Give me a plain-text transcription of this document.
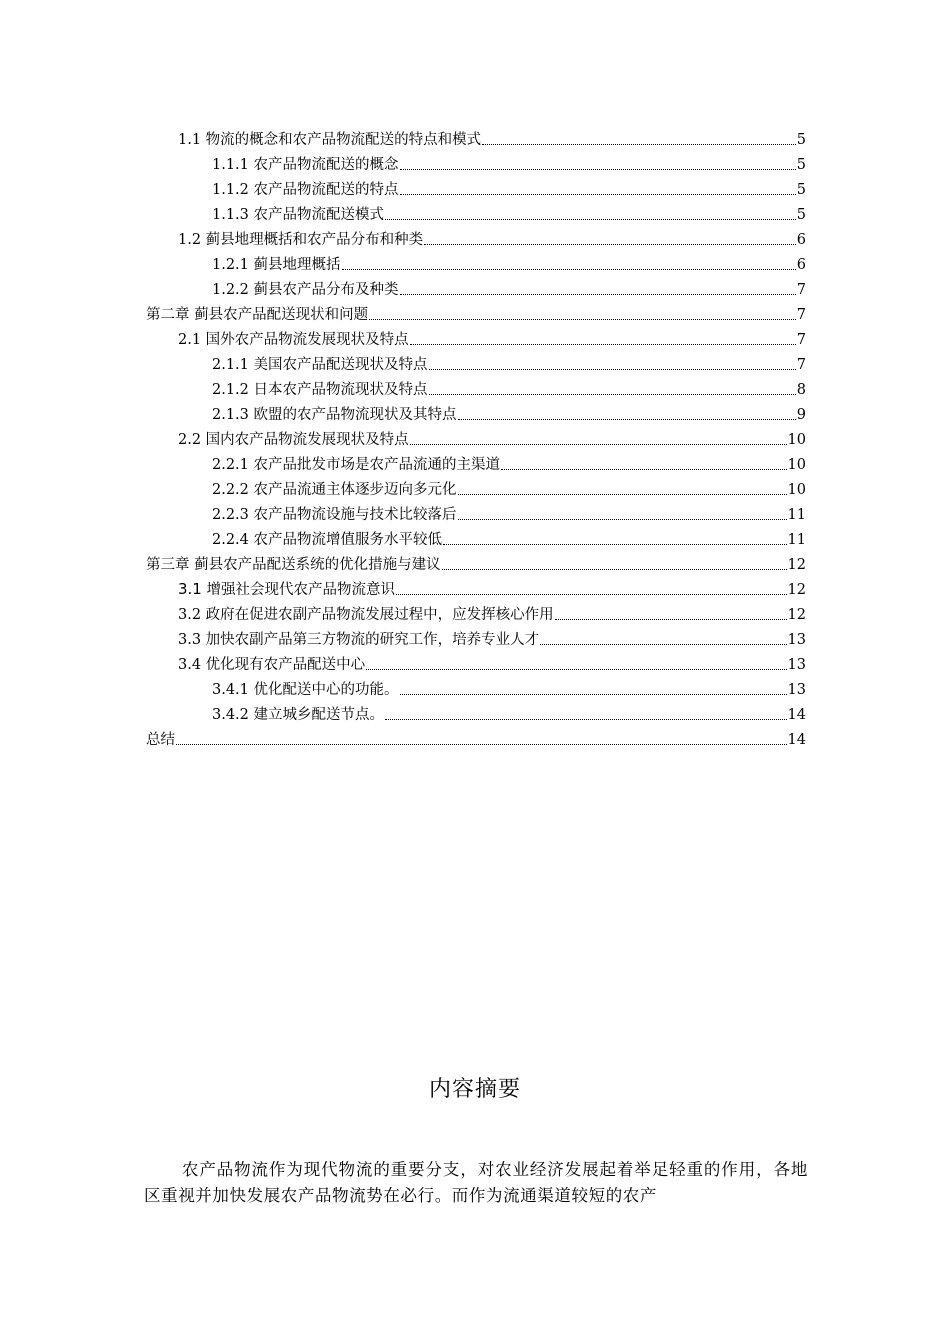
1.1 物流的概念和农产品物流配送的特点和模式	5
1.1.1 农产品物流配送的概念	5
1.1.2 农产品物流配送的特点	5
1.1.3 农产品物流配送模式	5
1.2 蓟县地理概括和农产品分布和种类	6
1.2.1 蓟县地理概括	6
1.2.2 蓟县农产品分布及种类	7
第二章 蓟县农产品配送现状和问题	7
2.1 国外农产品物流发展现状及特点	7
2.1.1 美国农产品配送现状及特点	7
2.1.2 日本农产品物流现状及特点	8
2.1.3 欧盟的农产品物流现状及其特点	9
2.2 国内农产品物流发展现状及特点	10
2.2.1 农产品批发市场是农产品流通的主渠道	10
2.2.2 农产品流通主体逐步迈向多元化	10
2.2.3 农产品物流设施与技术比较落后	11
2.2.4 农产品物流增值服务水平较低	11
第三章 蓟县农产品配送系统的优化措施与建议	12
3.1 增强社会现代农产品物流意识	12
3.2 政府在促进农副产品物流发展过程中，应发挥核心作用	12
3.3 加快农副产品第三方物流的研究工作，培养专业人才	13
3.4 优化现有农产品配送中心	13
3.4.1 优化配送中心的功能。	13
3.4.2 建立城乡配送节点。	14
总结	14
内容摘要

农产品物流作为现代物流的重要分支，对农业经济发展起着举足轻重的作用，各地区重视并加快发展农产品物流势在必行。而作为流通渠道较短的农产
